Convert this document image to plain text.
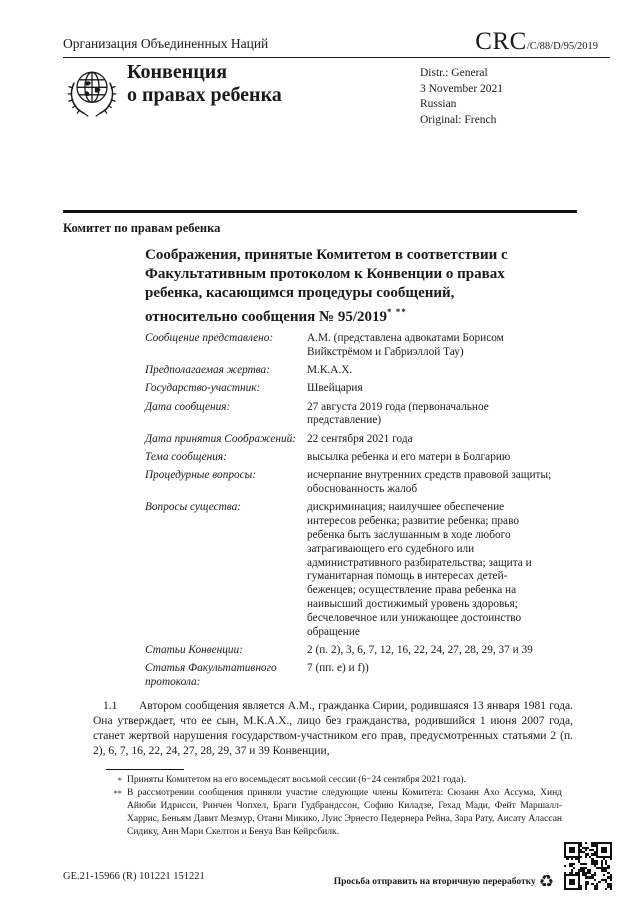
Организация Объединенных Наций	CRC /C/88/D/95/2019
Конвенция
о правах ребенка
Distr.: General
3 November 2021
Russian
Original: French
Комитет по правам ребенка
Соображения, принятые Комитетом в соответствии с Факультативным протоколом к Конвенции о правах ребенка, касающимся процедуры сообщений, относительно сообщения № 95/2019* **
Сообщение представлено:	А.М. (представлена адвокатами Борисом Вийкстрёмом и Габриэллой Тау)
Предполагаемая жертва:	М.К.А.Х.
Государство-участник:	Швейцария
Дата сообщения:	27 августа 2019 года (первоначальное представление)
Дата принятия Соображений: 22 сентября 2021 года
Тема сообщения:	высылка ребенка и его матери в Болгарию
Процедурные вопросы:	исчерпание внутренних средств правовой защиты; обоснованность жалоб
Вопросы существа:	дискриминация; наилучшее обеспечение интересов ребенка; развитие ребенка; право ребенка быть заслушанным в ходе любого затрагивающего его судебного или административного разбирательства; защита и гуманитарная помощь в интересах детей-беженцев; осуществление права ребенка на наивысший достижимый уровень здоровья; бесчеловечное или унижающее достоинство обращение
Статьи Конвенции:	2 (п. 2), 3, 6, 7, 12, 16, 22, 24, 27, 28, 29, 37 и 39
Статья Факультативного протокола:
7 (пп. e) и f))
1.1 Автором сообщения является А.М., гражданка Сирии, родившаяся 13 января 1981 года. Она утверждает, что ее сын, М.К.А.Х., лицо без гражданства, родившийся 1 июня 2007 года, станет жертвой нарушения государством-участником его прав, предусмотренных статьями 2 (п. 2), 6, 7, 16, 22, 24, 27, 28, 29, 37 и 39 Конвенции,
* Приняты Комитетом на его восемьдесят восьмой сессии (6−24 сентября 2021 года).
** В рассмотрении сообщения приняли участие следующие члены Комитета: Сюзанн Ахо Ассума, Хинд Айюби Идрисси, Ринчен Чопхел, Браги Гудбрандссон, Софию Киладзе, Гехад Мади, Фейт Маршалл-Харрис, Беньям Давит Мезмур, Отани Микико, Луис Эрнесто Педернера Рейна, Зара Рату, Аисату Алассан Сидику, Анн Мари Скелтон и Бенуа Ван Кейрсбилк.
GE.21-15966 (R) 101221 151221	Просьба отправить на вторичную переработку ♻
